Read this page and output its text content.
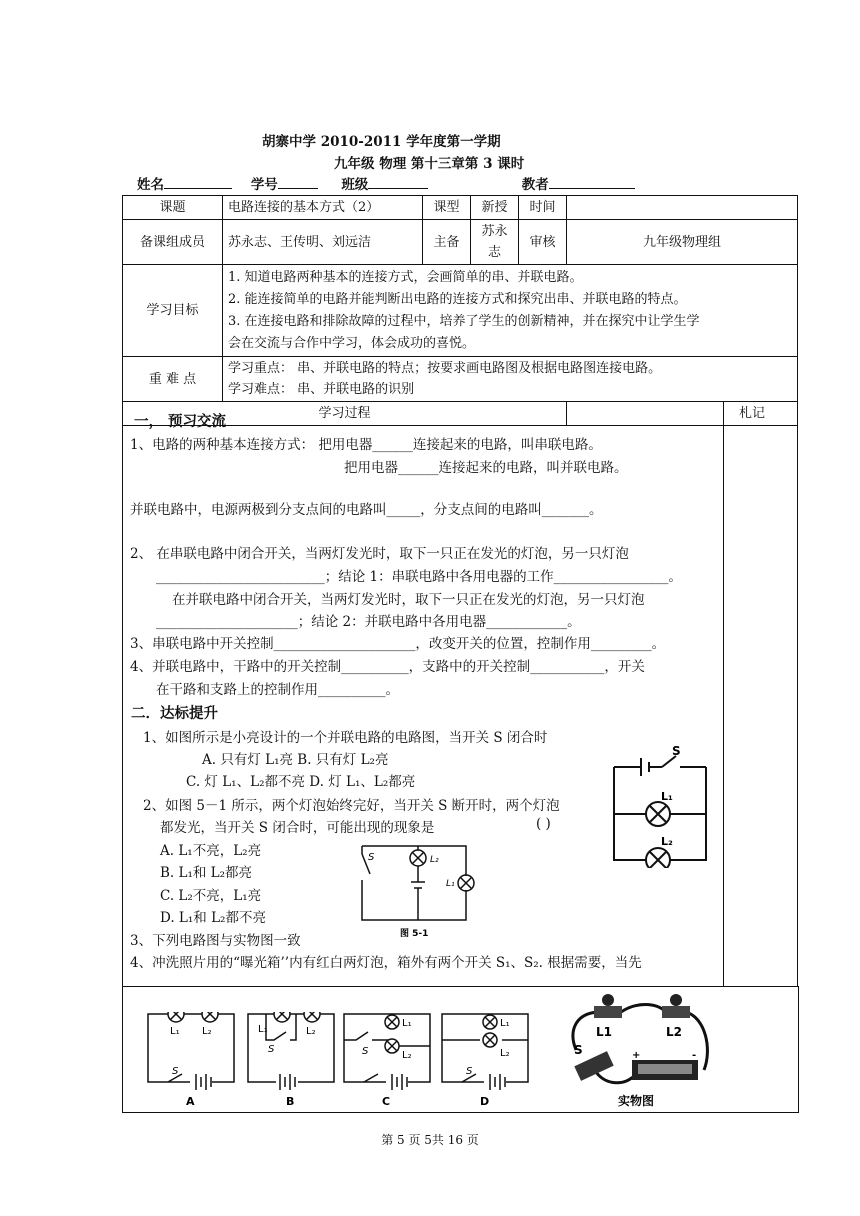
胡寨中学 2010-2011 学年度第一学期
九年级 物理 第十三章第 3 课时
姓名	学号	班级	教者
课题	电路连接的基本方式（2）	课型	新授	时间	
备课组成员	苏永志、王传明、刘远洁	主备	苏永志	审核	九年级物理组
学习目标	1. 知道电路两种基本的连接方式，会画简单的串、并联电路。
2. 能连接简单的电路并能判断出电路的连接方式和探究出串、并联电路的特点。
3. 在连接电路和排除故障的过程中，培养了学生的创新精神，并在探究中让学生学
会在交流与合作中学习，体会成功的喜悦。				

重 难 点	学习重点： 串、并联电路的特点；按要求画电路图及根据电路图连接电路。
学习难点： 串、并联电路的识别				

学习过程					札记
一， 预习交流
1、电路的两种基本连接方式： 把用电器______连接起来的电路，叫串联电路。
把用电器______连接起来的电路，叫并联电路。
并联电路中，电源两极到分支点间的电路叫_____，分支点间的电路叫_______。
2、 在串联电路中闭合开关，当两灯发光时，取下一只正在发光的灯泡，另一只灯泡
_________________________；结论 1：串联电路中各用电器的工作_________________。
在并联电路中闭合开关，当两灯发光时，取下一只正在发光的灯泡，另一只灯泡
_____________________；结论 2：并联电路中各用电器____________。
3、串联电路中开关控制_____________________，改变开关的位置，控制作用_________。
4、并联电路中，干路中的开关控制__________，支路中的开关控制___________，开关
在干路和支路上的控制作用__________。
二．达标提升
1、如图所示是小亮设计的一个并联电路的电路图，当开关 S 闭合时
A. 只有灯 L₁亮 B. 只有灯 L₂亮
C. 灯 L₁、L₂都不亮 D. 灯 L₁、L₂都亮
2、如图 5－1 所示，两个灯泡始终完好，当开关 S 断开时，两个灯泡
都发光，当开关 S 闭合时，可能出现的现象是	( )
A. L₁不亮，L₂亮
B. L₁和 L₂都亮
C. L₂不亮，L₁亮
D. L₁和 L₂都不亮
3、下列电路图与实物图一致
4、冲洗照片用的“曝光箱’’内有红白两灯泡，箱外有两个开关 S₁、S₂. 根据需要，当先
S
L₁
L₂
S	L₂
L₁
图 5-1
L₁ L₂
S
A
L₁	L₂
S
B
L₁
L₂
S
C
L₁
L₂
S
D
L1	L2
S	+	-
实物图
第 5 页 5共 16 页
